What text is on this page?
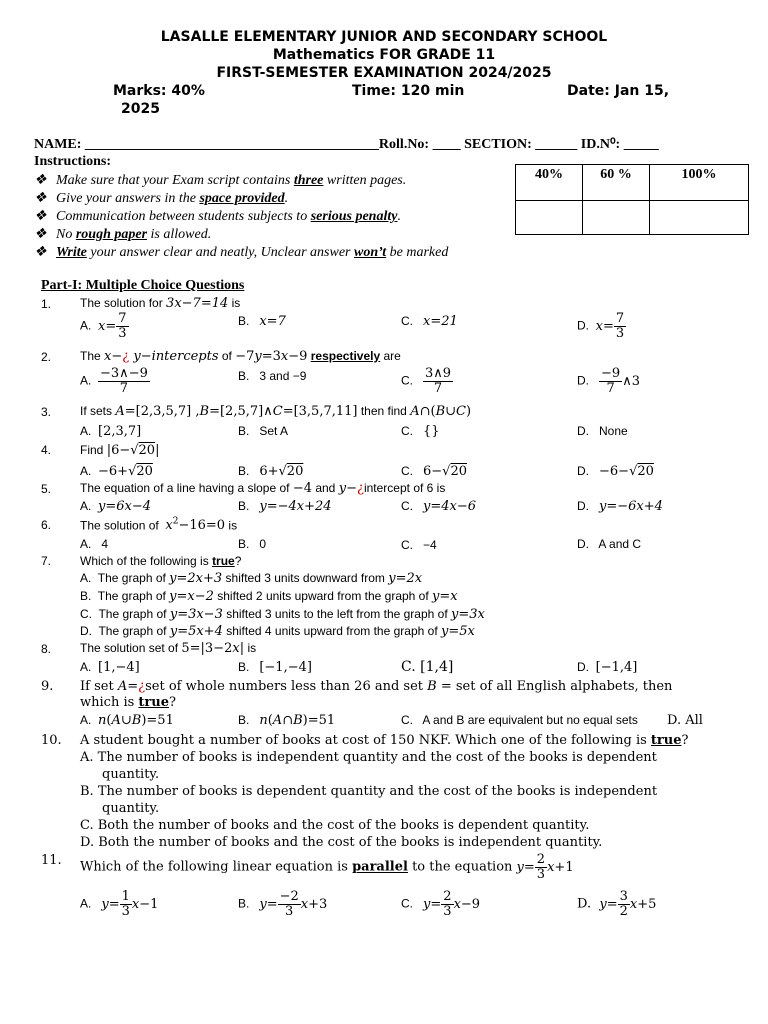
LASALLE ELEMENTARY JUNIOR AND SECONDARY SCHOOL
Mathematics FOR GRADE 11
FIRST-SEMESTER EXAMINATION 2024/2025
Marks: 40%	Time: 120 min	Date: Jan 15,
2025
NAME: __________________________________________Roll.No: ____ SECTION: ______ ID.N⁰: _____
Instructions:
❖ Make sure that your Exam script contains three written pages.
❖ Give your answers in the space provided.
❖ Communication between students subjects to serious penalty.
❖ No rough paper is allowed.
❖ Write your answer clear and neatly, Unclear answer won’t be marked
40%	60 %	100%

Part-I: Multiple Choice Questions
1. The solution for 3x−7=14 is
A.  $x= \frac{7}{3}$	B.   x=7	C.   x=21	D.  $x= \frac{7}{3}$
2. The x−¿ y−intercepts of −7y=3x−9 respectively are
A. $\frac{-3\wedge-9}{7}$	B.   3 and −9	C. $\frac{3\wedge 9}{7}$	D. $\frac{-9}{7}$ ∧3
3. If sets A=[2,3,5,7] ,B=[2,5,7]∧C=[3,5,7,11] then find A∩(B∪C)
A.  [2,3,7]	B.   Set A	C.   {}	D.   None
4. Find |6−√20|
A.  −6+√20	B.   6+√20	C.   6−√20	D.   −6−√20
5. The equation of a line having a slope of −4 and y−¿intercept of 6 is
A.  y=6x−4	B.   y=−4x+24	C.   y=4x−6	D.   y=−6x+4
6. The solution of  $x^2-16=0$ is
A.   4	B.   0	C.   −4	D.   A and C
7. Which of the following is true?
A.  The graph of y=2x+3 shifted 3 units downward from y=2x
B.  The graph of y=x−2 shifted 2 units upward from the graph of y=x
C.  The graph of y=3x−3 shifted 3 units to the left from the graph of y=3x
D.  The graph of y=5x+4 shifted 4 units upward from the graph of y=5x
8. The solution set of 5=|3−2x| is
A.  [1,−4]	B.   [−1,−4]	C. [1,4]	D.  [−1,4]
9. If set A=¿set of whole numbers less than 26 and set B = set of all English alphabets, then
which is true?
A.  n(A∪B)=51	B.   n(A∩B)=51	C.   A and B are equivalent but no equal sets D. All
10. A student bought a number of books at cost of 150 NKF. Which one of the following is true?
A. The number of books is independent quantity and the cost of the books is dependent
quantity.
B. The number of books is dependent quantity and the cost of the books is independent
quantity.
C. Both the number of books and the cost of the books is dependent quantity.
D. Both the number of books and the cost of the books is independent quantity.
11. Which of the following linear equation is parallel to the equation $y= \frac{2}{3} x+1$
A.   $y= \frac{1}{3} x-1$	B.   $y= \frac{-2}{3} x+3$	C.   $y= \frac{2}{3} x-9$	D.  $y= \frac{3}{2} x+5$
